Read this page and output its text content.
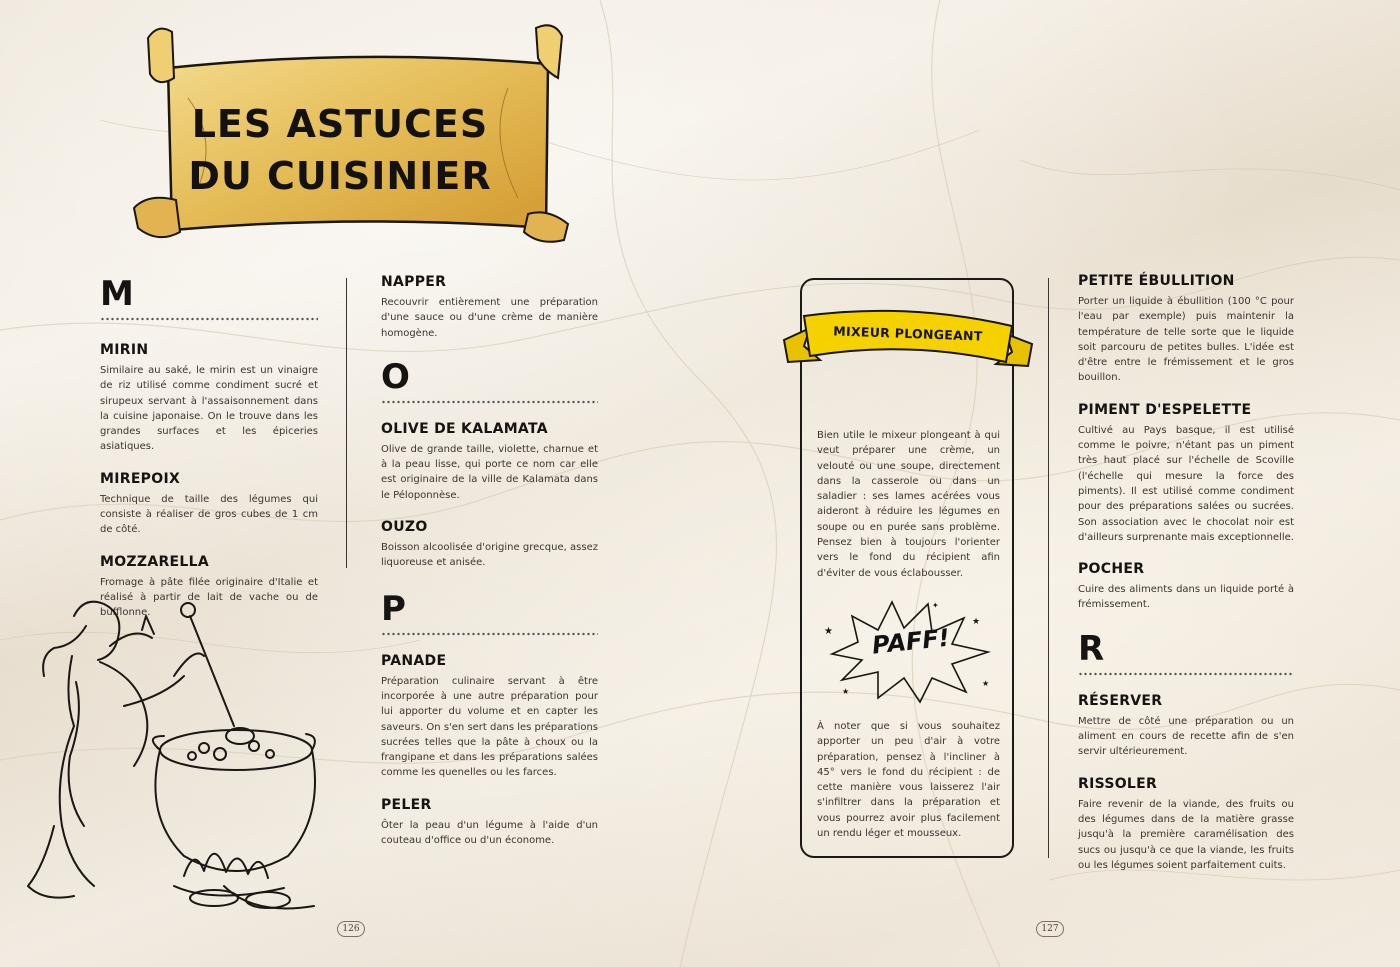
LES ASTUCES
DU CUISINIER
M
MIRIN
Similaire au saké, le mirin est un vinaigre de riz utilisé comme condiment sucré et sirupeux servant à l'assaisonnement dans la cuisine japonaise. On le trouve dans les grandes surfaces et les épiceries asiatiques.
MIREPOIX
Technique de taille des légumes qui consiste à réaliser de gros cubes de 1 cm de côté.
MOZZARELLA
Fromage à pâte filée originaire d'Italie et réalisé à partir de lait de vache ou de bufflonne.
NAPPER
Recouvrir entièrement une préparation d'une sauce ou d'une crème de manière homogène.
O
OLIVE DE KALAMATA
Olive de grande taille, violette, charnue et à la peau lisse, qui porte ce nom car elle est originaire de la ville de Kalamata dans le Péloponnèse.
OUZO
Boisson alcoolisée d'origine grecque, assez liquoreuse et anisée.
P
PANADE
Préparation culinaire servant à être incorporée à une autre préparation pour lui apporter du volume et en capter les saveurs. On s'en sert dans les préparations sucrées telles que la pâte à choux ou la frangipane et dans les préparations salées comme les quenelles ou les farces.
PELER
Ôter la peau d'un légume à l'aide d'un couteau d'office ou d'un économe.
MIXEUR PLONGEANT
Bien utile le mixeur plongeant à qui veut préparer une crème, un velouté ou une soupe, directement dans la casserole ou dans un saladier : ses lames acérées vous aideront à réduire les légumes en soupe ou en purée sans problème. Pensez bien à toujours l'orienter vers le fond du récipient afin d'éviter de vous éclabousser.
★
★
★
★
✦
PAFF!
À noter que si vous souhaitez apporter un peu d'air à votre préparation, pensez à l'incliner à 45° vers le fond du récipient : de cette manière vous laisserez l'air s'infiltrer dans la préparation et vous pourrez avoir plus facilement un rendu léger et mousseux.
PETITE ÉBULLITION
Porter un liquide à ébullition (100 °C pour l'eau par exemple) puis maintenir la température de telle sorte que le liquide soit parcouru de petites bulles. L'idée est d'être entre le frémissement et le gros bouillon.
PIMENT D'ESPELETTE
Cultivé au Pays basque, il est utilisé comme le poivre, n'étant pas un piment très haut placé sur l'échelle de Scoville (l'échelle qui mesure la force des piments). Il est utilisé comme condiment pour des préparations salées ou sucrées. Son association avec le chocolat noir est d'ailleurs surprenante mais exceptionnelle.
POCHER
Cuire des aliments dans un liquide porté à frémissement.
R
RÉSERVER
Mettre de côté une préparation ou un aliment en cours de recette afin de s'en servir ultérieurement.
RISSOLER
Faire revenir de la viande, des fruits ou des légumes dans de la matière grasse jusqu'à la première caramélisation des sucs ou jusqu'à ce que la viande, les fruits ou les légumes soient parfaitement cuits.
126	127
